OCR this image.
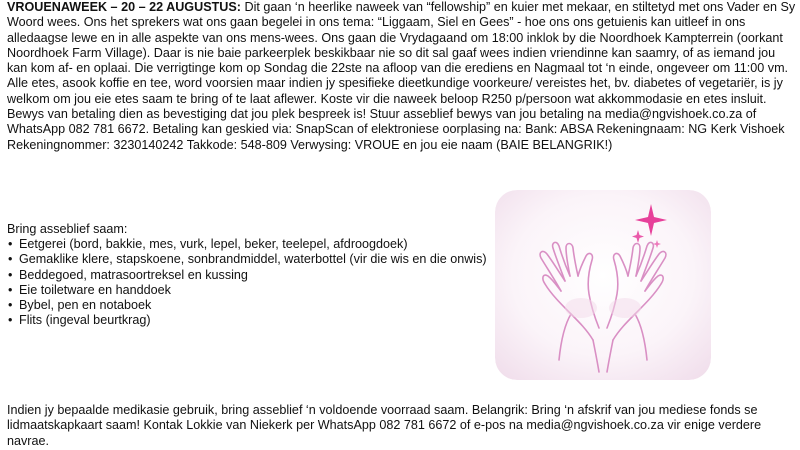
VROUENAWEEK – 20 – 22 AUGUSTUS: Dit gaan ‘n heerlike naweek van “fellowship” en kuier met mekaar, en stiltetyd met ons Vader en Sy Woord wees. Ons het sprekers wat ons gaan begelei in ons tema: “Liggaam, Siel en Gees” - hoe ons ons getuienis kan uitleef in ons alledaagse lewe en in alle aspekte van ons mens-wees. Ons gaan die Vrydagaand om 18:00 inklok by die Noordhoek Kampterrein (oorkant Noordhoek Farm Village). Daar is nie baie parkeerplek beskikbaar nie so dit sal gaaf wees indien vriendinne kan saamry, of as iemand jou kan kom af- en oplaai. Die verrigtinge kom op Sondag die 22ste na afloop van die erediens en Nagmaal tot ‘n einde, ongeveer om 11:00 vm. Alle etes, asook koffie en tee, word voorsien maar indien jy spesifieke dieetkundige voorkeure/ vereistes het, bv. diabetes of vegetariër, is jy welkom om jou eie etes saam te bring of te laat aflewer. Koste vir die naweek beloop R250 p/persoon wat akkommodasie en etes insluit. Bewys van betaling dien as bevestiging dat jou plek bespreek is! Stuur asseblief bewys van jou betaling na media@ngvishoek.co.za of WhatsApp 082 781 6672. Betaling kan geskied via: SnapScan of elektroniese oorplasing na: Bank: ABSA Rekeningnaam: NG Kerk Vishoek Rekeningnommer: 3230140242 Takkode: 548-809 Verwysing: VROUE en jou eie naam (BAIE BELANGRIK!)
Bring asseblief saam:
• Eetgerei (bord, bakkie, mes, vurk, lepel, beker, teelepel, afdroogdoek)
• Gemaklike klere, stapskoene, sonbrandmiddel, waterbottel (vir die wis en die onwis)
• Beddegoed, matrasoortreksel en kussing
• Eie toiletware en handdoek
• Bybel, pen en notaboek
• Flits (ingeval beurtkrag)
Indien jy bepaalde medikasie gebruik, bring asseblief ‘n voldoende voorraad saam. Belangrik: Bring ‘n afskrif van jou mediese fonds se lidmaatskapkaart saam! Kontak Lokkie van Niekerk per WhatsApp 082 781 6672 of e-pos na media@ngvishoek.co.za vir enige verdere navrae.
